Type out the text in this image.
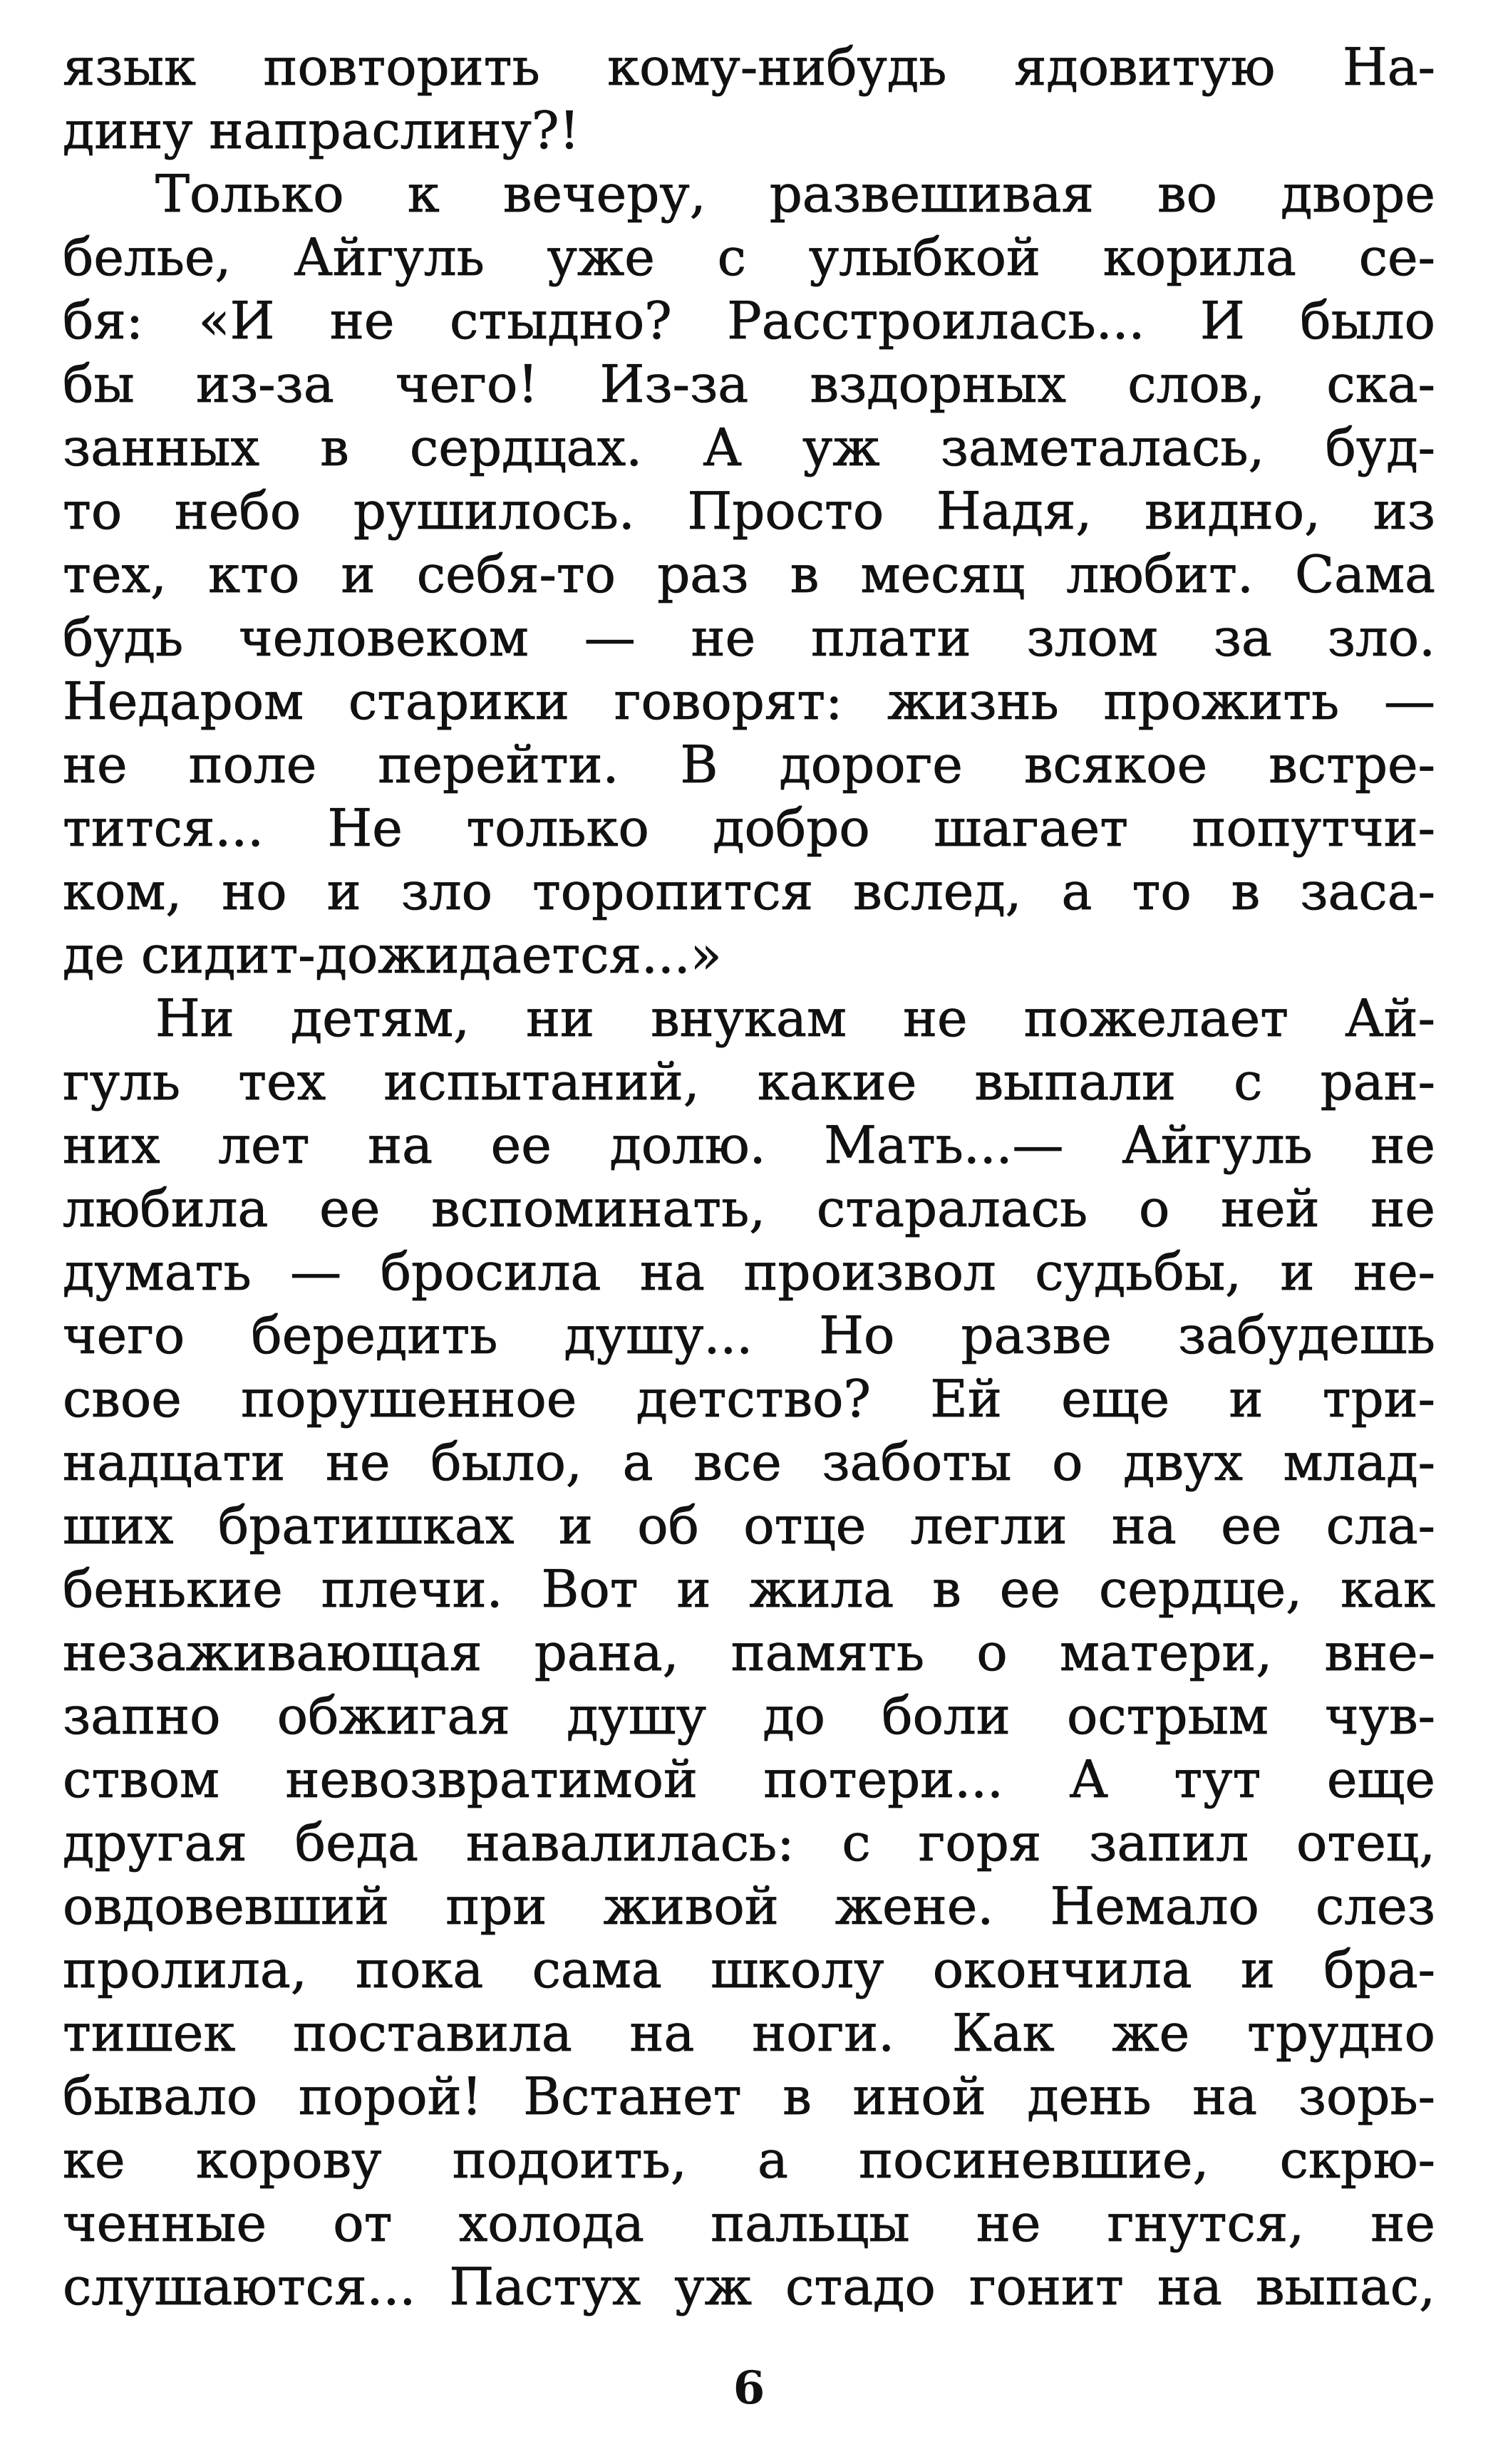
язык повторить кому-нибудь ядовитую На-
дину напраслину?!
Только к вечеру, развешивая во дворе
белье, Айгуль уже с улыбкой корила се-
бя: «И не стыдно? Расстроилась... И было
бы из-за чего! Из-за вздорных слов, ска-
занных в сердцах. А уж заметалась, буд-
то небо рушилось. Просто Надя, видно, из
тех, кто и себя-то раз в месяц любит. Сама
будь человеком — не плати злом за зло.
Недаром старики говорят: жизнь прожить —
не поле перейти. В дороге всякое встре-
тится... Не только добро шагает попутчи-
ком, но и зло торопится вслед, а то в заса-
де сидит-дожидается...»
Ни детям, ни внукам не пожелает Ай-
гуль тех испытаний, какие выпали с ран-
них лет на ее долю. Мать...— Айгуль не
любила ее вспоминать, старалась о ней не
думать — бросила на произвол судьбы, и не-
чего бередить душу... Но разве забудешь
свое порушенное детство? Ей еще и три-
надцати не было, а все заботы о двух млад-
ших братишках и об отце легли на ее сла-
бенькие плечи. Вот и жила в ее сердце, как
незаживающая рана, память о матери, вне-
запно обжигая душу до боли острым чув-
ством невозвратимой потери... А тут еще
другая беда навалилась: с горя запил отец,
овдовевший при живой жене. Немало слез
пролила, пока сама школу окончила и бра-
тишек поставила на ноги. Как же трудно
бывало порой! Встанет в иной день на зорь-
ке корову подоить, а посиневшие, скрю-
ченные от холода пальцы не гнутся, не
слушаются... Пастух уж стадо гонит на выпас,
6
